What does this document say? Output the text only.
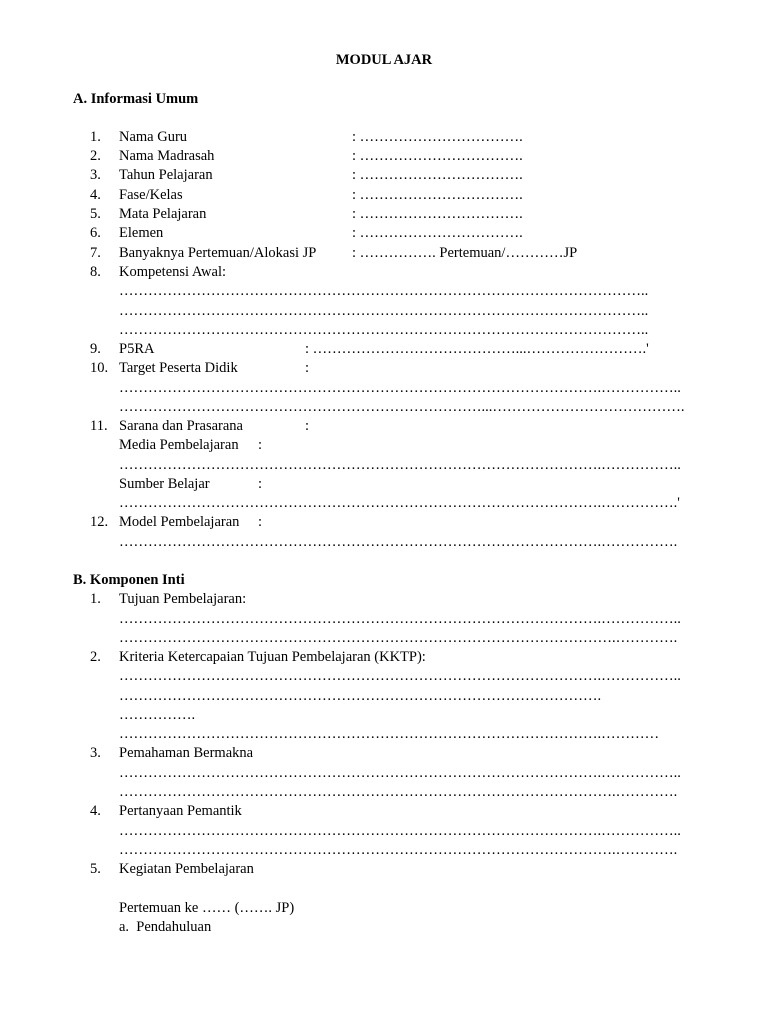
MODUL AJAR
A. Informasi Umum
1. Nama Guru	: …………………………….
2. Nama Madrasah	: …………………………….
3. Tahun Pelajaran	: …………………………….
4. Fase/Kelas	: …………………………….
5. Mata Pelajaran	: …………………………….
6. Elemen	: …………………………….
7. Banyaknya Pertemuan/Alokasi JP : ……………. Pertemuan/…………JP
8. Kompetensi Awal:
………………………………………………………………………………………………..
………………………………………………………………………………………………..
………………………………………………………………………………………………..
9. P5RA	: ……………………………………...…………………….'
10. Target Peserta Didik	:
……………………………………………………………………………………….……………..
…………………………………………………………………...………………………………….
11. Sarana dan Prasarana	:
Media Pembelajaran :
……………………………………………………………………………………….……………..
Sumber Belajar	:
……………………………………………………………………………………….…………….'
12. Model Pembelajaran :
……………………………………………………………………………………….…………….
B. Komponen Inti
1. Tujuan Pembelajaran:
……………………………………………………………………………………….……………..
………………………………………………………………………………………….………….
2. Kriteria Ketercapaian Tujuan Pembelajaran (KKTP):
……………………………………………………………………………………….……………..
……………………………………………………………………………………….
…………….
……………………………………………………………………………………….…………
3. Pemahaman Bermakna
……………………………………………………………………………………….……………..
………………………………………………………………………………………….………….
4. Pertanyaan Pemantik
……………………………………………………………………………………….……………..
………………………………………………………………………………………….………….
5. Kegiatan Pembelajaran
Pertemuan ke …… (……. JP)
a.  Pendahuluan
